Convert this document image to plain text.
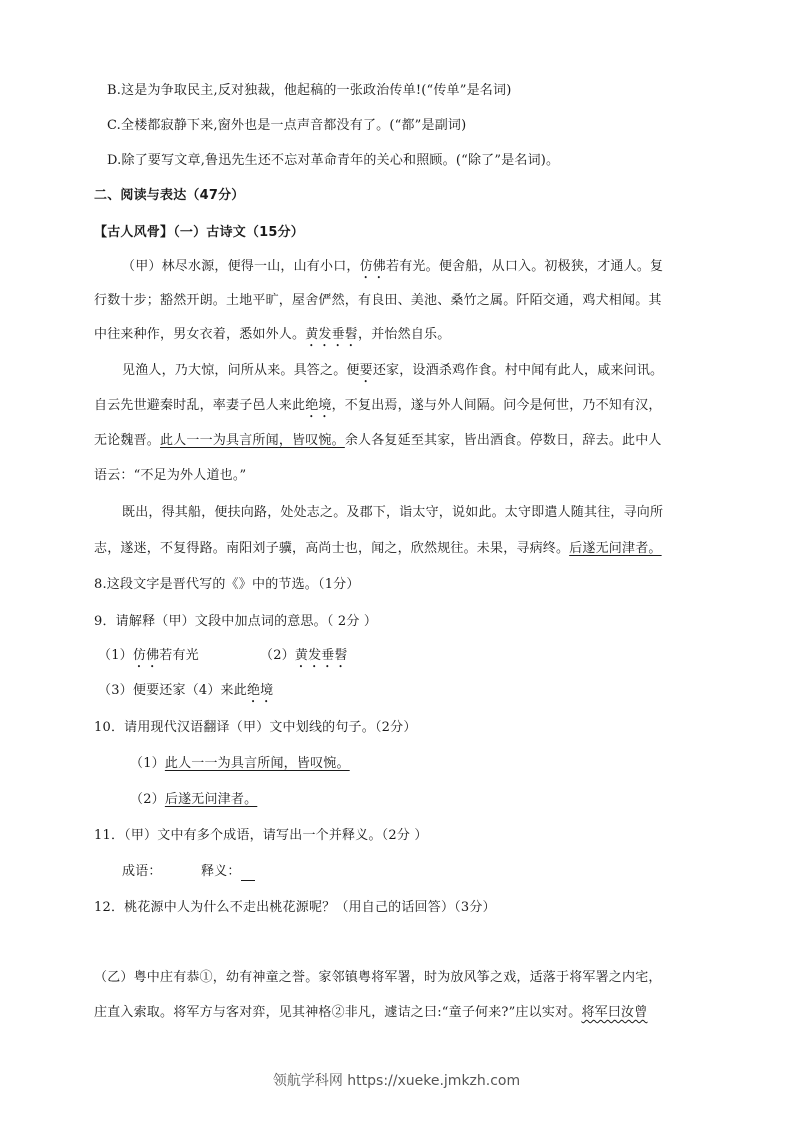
B.这是为争取民主,反对独裁，他起稿的一张政治传单!(“传单”是名词)
C.全楼都寂静下来,窗外也是一点声音都没有了。(“都”是副词)
D.除了要写文章,鲁迅先生还不忘对革命青年的关心和照顾。(“除了”是名词)。
二、阅读与表达（47分）
【古人风骨】（一）古诗文（15分）
（甲）林尽水源，便得一山，山有小口，仿佛若有光。便舍船，从口入。初极狭，才通人。复
行数十步；豁然开朗。土地平旷，屋舍俨然，有良田、美池、桑竹之属。阡陌交通，鸡犬相闻。其
中往来种作，男女衣着，悉如外人。黄发垂髫，并怡然自乐。
见渔人，乃大惊，问所从来。具答之。便要还家，设酒杀鸡作食。村中闻有此人，咸来问讯。
自云先世避秦时乱，率妻子邑人来此绝境，不复出焉，遂与外人间隔。问今是何世，乃不知有汉，
无论魏晋。此人一一为具言所闻，皆叹惋。余人各复延至其家，皆出酒食。停数日，辞去。此中人
语云：“不足为外人道也。”
既出，得其船，便扶向路，处处志之。及郡下，诣太守，说如此。太守即遣人随其往，寻向所
志，遂迷，不复得路。南阳刘子骥，高尚士也，闻之，欣然规往。未果，寻病终。后遂无问津者。
8.这段文字是晋代写的《》中的节选。（1分）
9．请解释（甲）文段中加点词的意思。（ 2分 ）
（1）仿佛若有光	（2）黄发垂髫
（3）便要还家（4）来此绝境
10．请用现代汉语翻译（甲）文中划线的句子。（2分）
（1）此人一一为具言所闻，皆叹惋。
（2）后遂无问津者。
11．（甲）文中有多个成语，请写出一个并释义。（2分 ）
成语：	释义：
12．桃花源中人为什么不走出桃花源呢？（用自己的话回答）（3分）
（乙）粤中庄有恭①，幼有神童之誉。家邻镇粤将军署，时为放风筝之戏，适落于将军署之内宅，
庄直入索取。将军方与客对弈，见其神格②非凡，遽诘之曰:“童子何来?”庄以实对。将军曰汝曾
领航学科网 https://xueke.jmkzh.com
